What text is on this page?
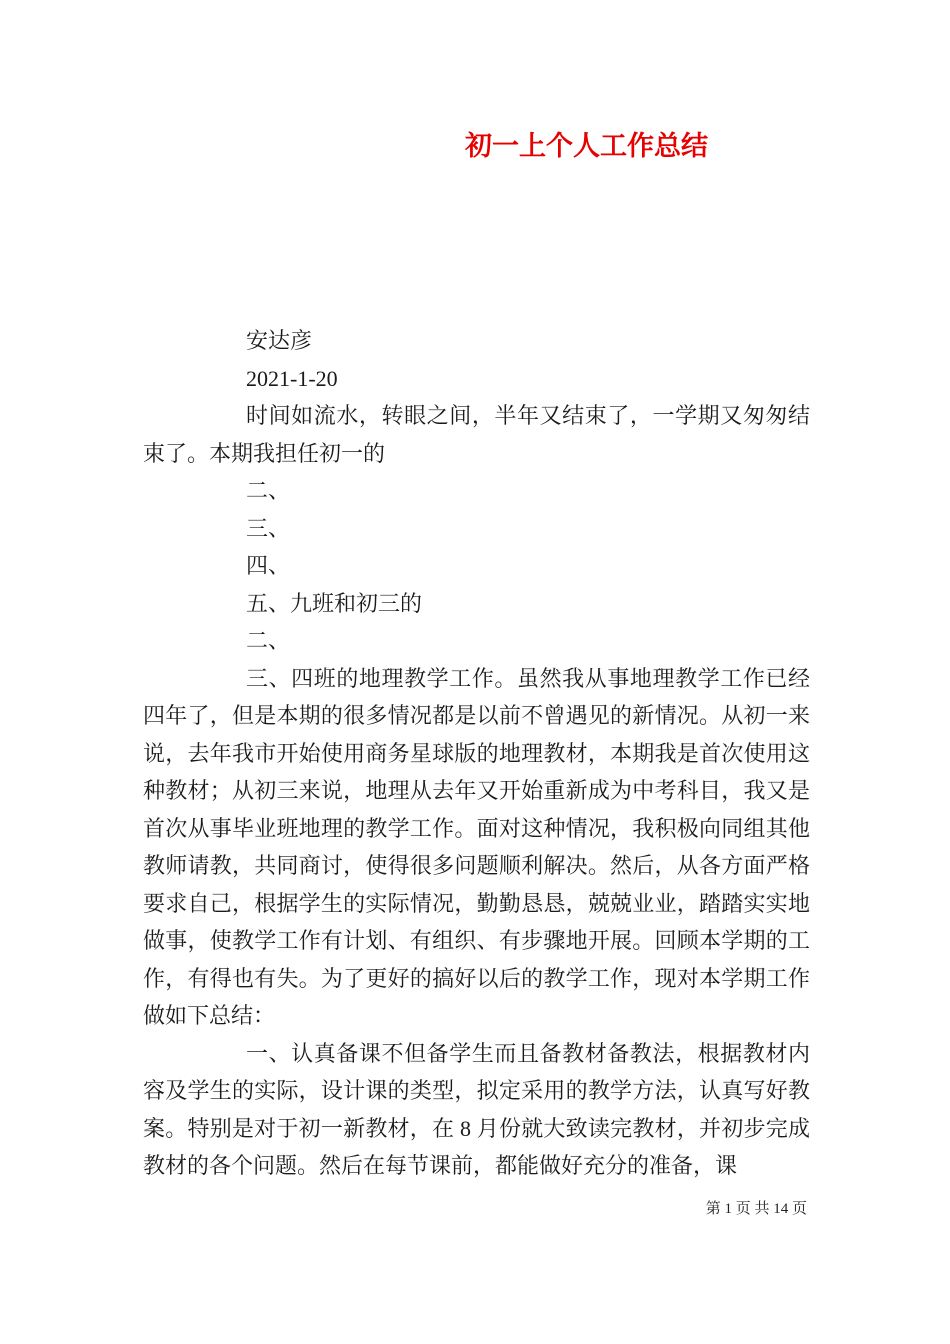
初一上个人工作总结

安达彦

2021-1-20

时间如流水，转眼之间，半年又结束了，一学期又匆匆结束了。本期我担任初一的

二、

三、

四、

五、九班和初三的

二、

三、四班的地理教学工作。虽然我从事地理教学工作已经四年了，但是本期的很多情况都是以前不曾遇见的新情况。从初一来说，去年我市开始使用商务星球版的地理教材，本期我是首次使用这种教材；从初三来说，地理从去年又开始重新成为中考科目，我又是首次从事毕业班地理的教学工作。面对这种情况，我积极向同组其他教师请教，共同商讨，使得很多问题顺利解决。然后，从各方面严格要求自己，根据学生的实际情况，勤勤恳恳，兢兢业业，踏踏实实地做事，使教学工作有计划、有组织、有步骤地开展。回顾本学期的工作，有得也有失。为了更好的搞好以后的教学工作，现对本学期工作做如下总结：

一、认真备课不但备学生而且备教材备教法，根据教材内容及学生的实际，设计课的类型，拟定采用的教学方法，认真写好教案。特别是对于初一新教材，在 8 月份就大致读完教材，并初步完成教材的各个问题。然后在每节课前，都能做好充分的准备，课

第 1 页 共 14 页
